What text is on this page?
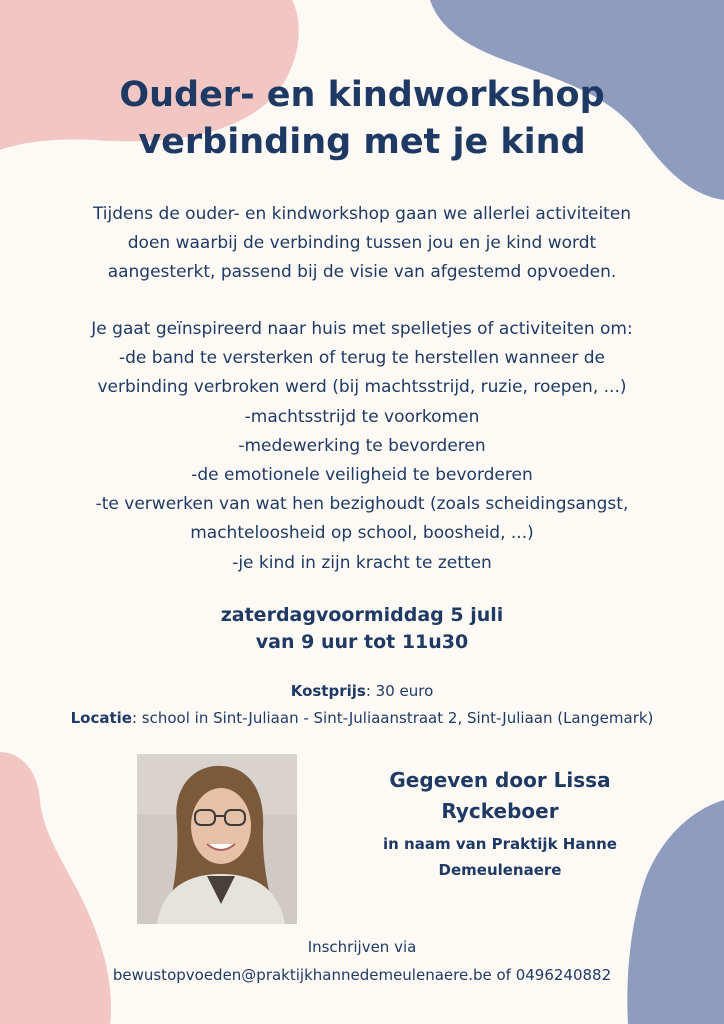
Ouder- en kindworkshop
verbinding met je kind

Tijdens de ouder- en kindworkshop gaan we allerlei activiteiten
doen waarbij de verbinding tussen jou en je kind wordt
aangesterkt, passend bij de visie van afgestemd opvoeden.

Je gaat geïnspireerd naar huis met spelletjes of activiteiten om:
-de band te versterken of terug te herstellen wanneer de
verbinding verbroken werd (bij machtsstrijd, ruzie, roepen, ...)
-machtsstrijd te voorkomen
-medewerking te bevorderen
-de emotionele veiligheid te bevorderen
-te verwerken van wat hen bezighoudt (zoals scheidingsangst,
machteloosheid op school, boosheid, ...)
-je kind in zijn kracht te zetten
zaterdagvoormiddag 5 juli
van 9 uur tot 11u30
Kostprijs: 30 euro
Locatie: school in Sint-Juliaan - Sint-Juliaanstraat 2, Sint-Juliaan (Langemark)
Gegeven door Lissa
Ryckeboer
in naam van Praktijk Hanne
Demeulenaere
Inschrijven via
bewustopvoeden@praktijkhannedemeulenaere.be of 0496240882
